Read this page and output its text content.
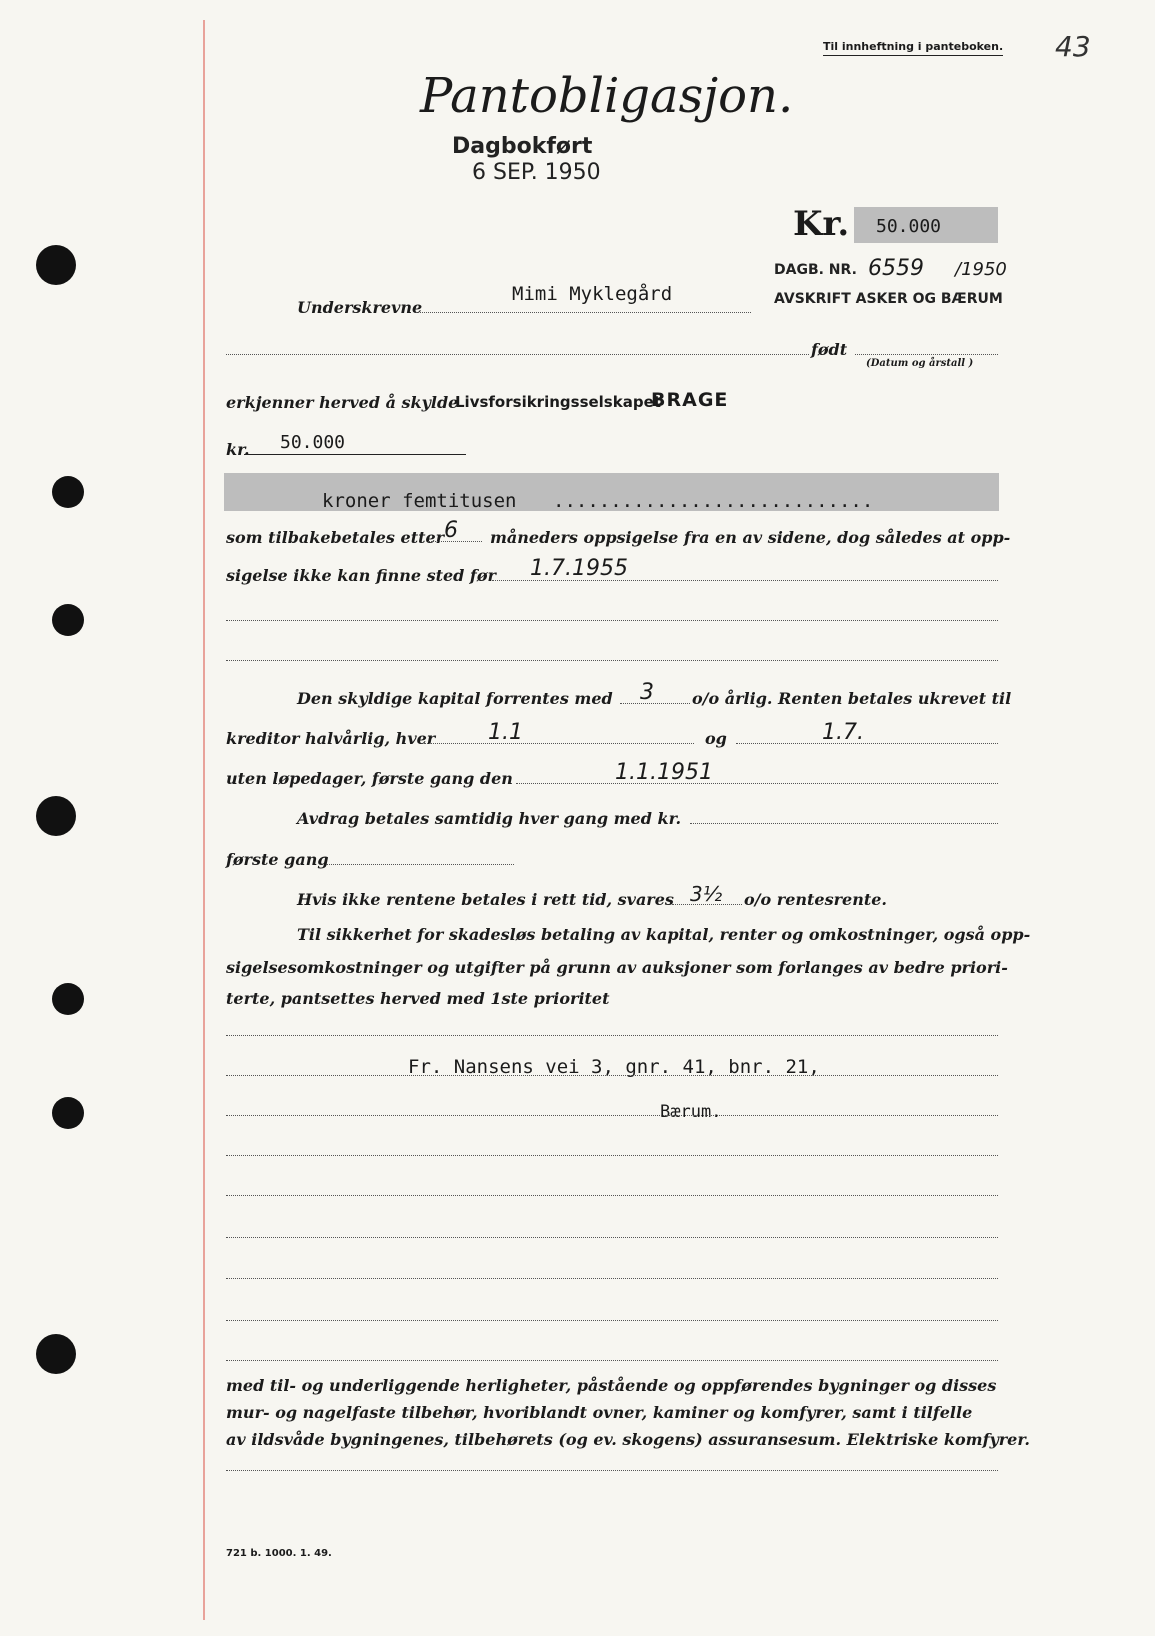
Til innheftning i panteboken. 43
Pantobligasjon.
Dagbokført
6 SEP. 1950
Kr. 50.000
DAGB. NR. 6559 /1950
AVSKRIFT ASKER OG BÆRUM
Underskrevne
Mimi Myklegård
født
(Datum og årstall )
erkjenner herved å skylde
Livsforsikringsselskapet
BRAGE
kr. 50.000
kroner femtitusen ............................
som tilbakebetales etter 6 måneders oppsigelse fra en av sidene, dog således at opp-
sigelse ikke kan finne sted før 1.7.1955
Den skyldige kapital forrentes med 3 o/o årlig. Renten betales ukrevet til
kreditor halvårlig, hver 1.1	og	1.7.
uten løpedager, første gang den	1.1.1951
Avdrag betales samtidig hver gang med kr.
første gang
Hvis ikke rentene betales i rett tid, svares 3½ o/o rentesrente.
Til sikkerhet for skadesløs betaling av kapital, renter og omkostninger, også opp-
sigelsesomkostninger og utgifter på grunn av auksjoner som forlanges av bedre priori-
terte, pantsettes herved med 1ste prioritet
Fr. Nansens vei 3, gnr. 41, bnr. 21,
Bærum.
med til- og underliggende herligheter, påstående og oppførendes bygninger og disses
mur- og nagelfaste tilbehør, hvoriblandt ovner, kaminer og komfyrer, samt i tilfelle
av ildsvåde bygningenes, tilbehørets (og ev. skogens) assuransesum. Elektriske komfyrer.
721 b. 1000. 1. 49.
